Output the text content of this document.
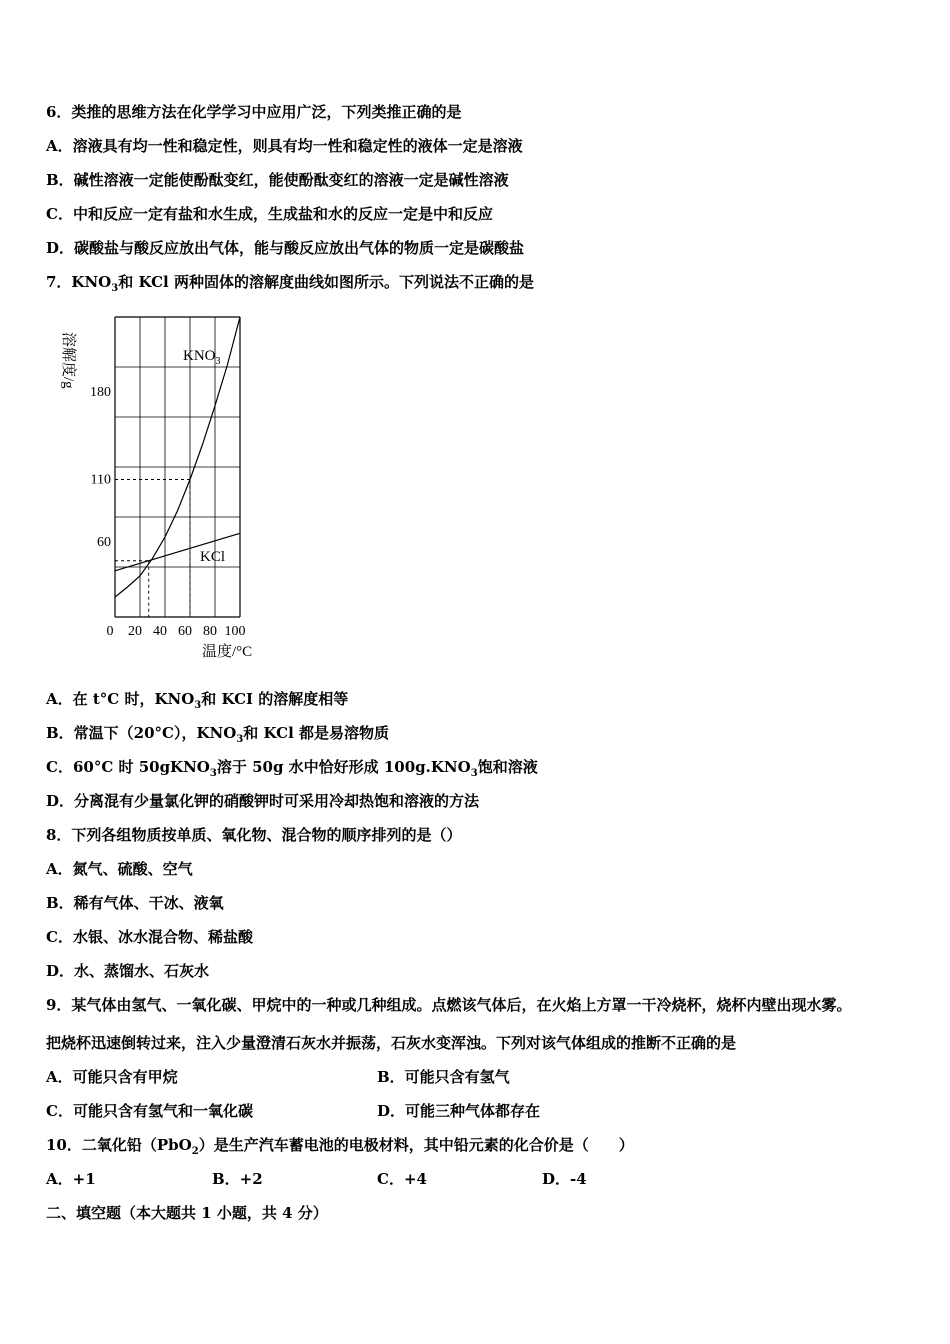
6．类推的思维方法在化学学习中应用广泛，下列类推正确的是
A．溶液具有均一性和稳定性，则具有均一性和稳定性的液体一定是溶液
B．碱性溶液一定能使酚酞变红，能使酚酞变红的溶液一定是碱性溶液
C．中和反应一定有盐和水生成，生成盐和水的反应一定是中和反应
D．碳酸盐与酸反应放出气体，能与酸反应放出气体的物质一定是碳酸盐
7．$KNO_3$和 KCl 两种固体的溶解度曲线如图所示。下列说法不正确的是
0 20 40 60 80 100
60
110
180
溶解度/g
温度/°C
$KNO_3$
KCl
A．在 t°C 时，$KNO_3$和 KCI 的溶解度相等
B．常温下（20°C），$KNO_3$和 KCl 都是易溶物质
C．60°C 时 50gKNO$_3$溶于 50g 水中恰好形成 $100g.KNO_3$饱和溶液
D．分离混有少量氯化钾的硝酸钾时可采用冷却热饱和溶液的方法
8．下列各组物质按单质、氧化物、混合物的顺序排列的是（）
A．氮气、硫酸、空气
B．稀有气体、干冰、液氧
C．水银、冰水混合物、稀盐酸
D．水、蒸馏水、石灰水
9．某气体由氢气、一氧化碳、甲烷中的一种或几种组成。点燃该气体后，在火焰上方罩一干冷烧杯，烧杯内壁出现水雾。
把烧杯迅速倒转过来，注入少量澄清石灰水并振荡，石灰水变浑浊。下列对该气体组成的推断不正确的是
A．可能只含有甲烷	B．可能只含有氢气
C．可能只含有氢气和一氧化碳	D．可能三种气体都存在
10．二氧化铅（PbO$_2$）是生产汽车蓄电池的电极材料，其中铅元素的化合价是（　　）
A．+1	B．+2	C．+4	D．-4
二、填空题（本大题共 1 小题，共 4 分）
